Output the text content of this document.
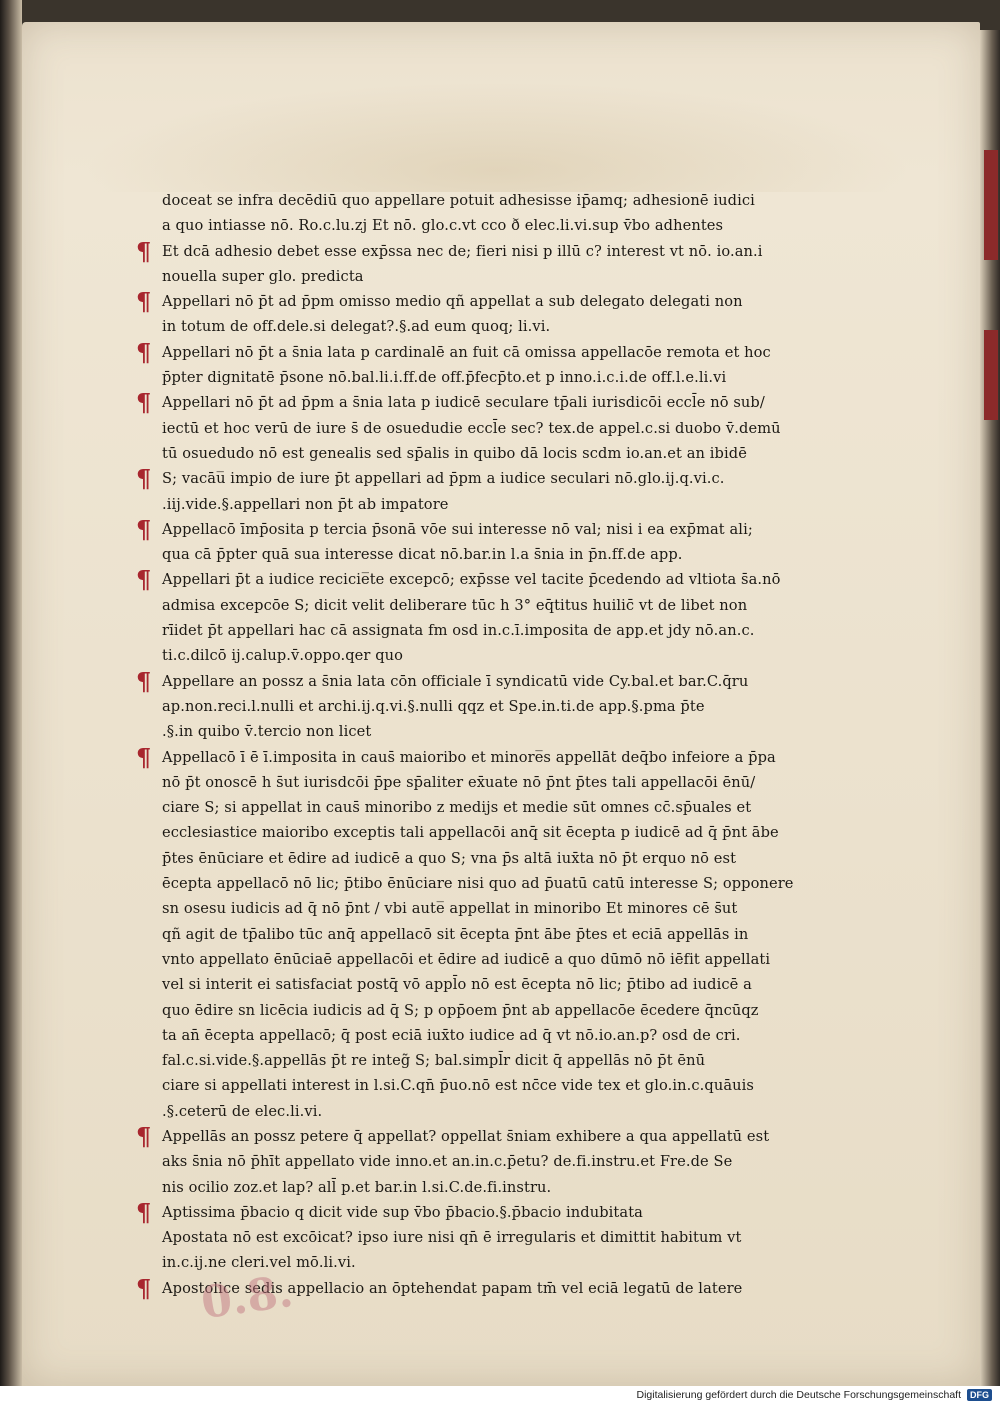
doceat se infra decēdiū quo appellare potuit adhesisse ip̄amq; adhesionē iudici
a quo intiasse nō. Ro.c.lu.zj Et nō. glo.c.vt cco ð elec.li.vi.sup v̄bo adhentes
¶ Et dcā adhesio debet esse exp̄ssa nec de; fieri nisi p illū c? interest vt nō. io.an.i
nouella super glo. predicta
¶ Appellari nō p̄t ad p̄pm omisso medio qñ appellat a sub delegato delegati non
in totum de off.dele.si delegat?.§.ad eum quoq; li.vi.
¶ Appellari nō p̄t a s̄nia lata p cardinalē an fuit cā omissa appellacōe remota et hoc
p̄pter dignitatē p̄sone nō.bal.li.i.ff.de off.p̄fecp̄to.et p inno.i.c.i.de off.l.e.li.vi
¶ Appellari nō p̄t ad p̄pm a s̄nia lata p iudicē seculare tp̄ali iurisdicōi eccl̄e nō sub/
iectū et hoc verū de iure s̄ de osuedudie eccl̄e sec? tex.de appel.c.si duobo v̄.demū
tū osuedudo nō est genealis sed sp̄alis in quibo dā locis scdm io.an.et an ibidē
¶ S; vacāu̅ impio de iure p̄t appellari ad p̄pm a iudice seculari nō.glo.ij.q.vi.c.
.iij.vide.§.appellari non p̄t ab impatore
¶ Appellacō īmp̄osita p tercia p̄sonā vōe sui interesse nō val; nisi i ea exp̄mat ali;
qua cā p̄pter quā sua interesse dicat nō.bar.in l.a s̄nia in p̄n.ff.de app.
¶ Appellari p̄t a iudice recicie̅te excepcō; exp̄sse vel tacite p̄cedendo ad vltiota s̄a.nō
admisa excepcōe S; dicit velit deliberare tūc h 3° eq̄titus huilic̄ vt de libet non
rīidet p̄t appellari hac cā assignata fm osd in.c.ī.imposita de app.et jdy nō.an.c.
ti.c.dilcō ij.calup.v̄.oppo.qer quo
¶ Appellare an possz a s̄nia lata cōn officiale ī syndicatū vide Cy.bal.et bar.C.q̄ru
ap.non.reci.l.nulli et archi.ij.q.vi.§.nulli qqz et Spe.in.ti.de app.§.pma p̄te
.§.in quibo v̄.tercio non licet
¶ Appellacō ī ē ī.imposita in caus̄ maioribo et minore̅s appellāt deq̄bo infeiore a p̄pa
nō p̄t onoscē h s̄ut iurisdcōi p̄pe sp̄aliter ex̄uate nō p̄nt p̄tes tali appellacōi ēnū/
ciare S; si appellat in caus̄ minoribo z medijs et medie sūt omnes cc̄.sp̄uales et
ecclesiastice maioribo exceptis tali appellacōi anq̄ sit ēcepta p iudicē ad q̄ p̄nt ābe
p̄tes ēnūciare et ēdire ad iudicē a quo S; vna p̄s altā iux̄ta nō p̄t erquo nō est
ēcepta appellacō nō lic; p̄tibo ēnūciare nisi quo ad p̄uatū catū interesse S; opponere
sn osesu iudicis ad q̄ nō p̄nt / vbi aute̅ appellat in minoribo Et minores cē s̄ut
qñ agit de tp̄alibo tūc anq̄ appellacō sit ēcepta p̄nt ābe p̄tes et eciā appellās in
vnto appellato ēnūciaē appellacōi et ēdire ad iudicē a quo dūmō nō iēfit appellati
vel si interit ei satisfaciat postq̄ vō appl̄o nō est ēcepta nō lic; p̄tibo ad iudicē a
quo ēdire sn licēcia iudicis ad q̄ S; p opp̄oem p̄nt ab appellacōe ēcedere q̄ncūqz
ta an̄ ēcepta appellacō; q̄ post eciā iux̄to iudice ad q̄ vt nō.io.an.p? osd de cri.
fal.c.si.vide.§.appellās p̄t re integ̃ S; bal.simpl̄r dicit q̄ appellās nō p̄t ēnū
ciare si appellati interest in l.si.C.qn̄ p̄uo.nō est nc̄ce vide tex et glo.in.c.quāuis
.§.ceterū de elec.li.vi.
¶ Appellās an possz petere q̄ appellat? oppellat s̄niam exhibere a qua appellatū est
aks s̄nia nō p̄hīt appellato vide inno.et an.in.c.p̄etu? de.fi.instru.et Fre.de Se
nis ocilio zoz.et lap? all̄ p.et bar.in l.si.C.de.fi.instru.
¶ Aptissima p̄bacio q dicit vide sup v̄bo p̄bacio.§.p̄bacio indubitata
Apostata nō est excōicat? ipso iure nisi qn̄ ē irregularis et dimittit habitum vt
in.c.ij.ne cleri.vel mō.li.vi.
¶ Apostolice sedis appellacio an ōptehendat papam tm̄ vel eciā legatū de latere
0.8.
Digitalisierung gefördert durch die Deutsche Forschungsgemeinschaft	DFG
